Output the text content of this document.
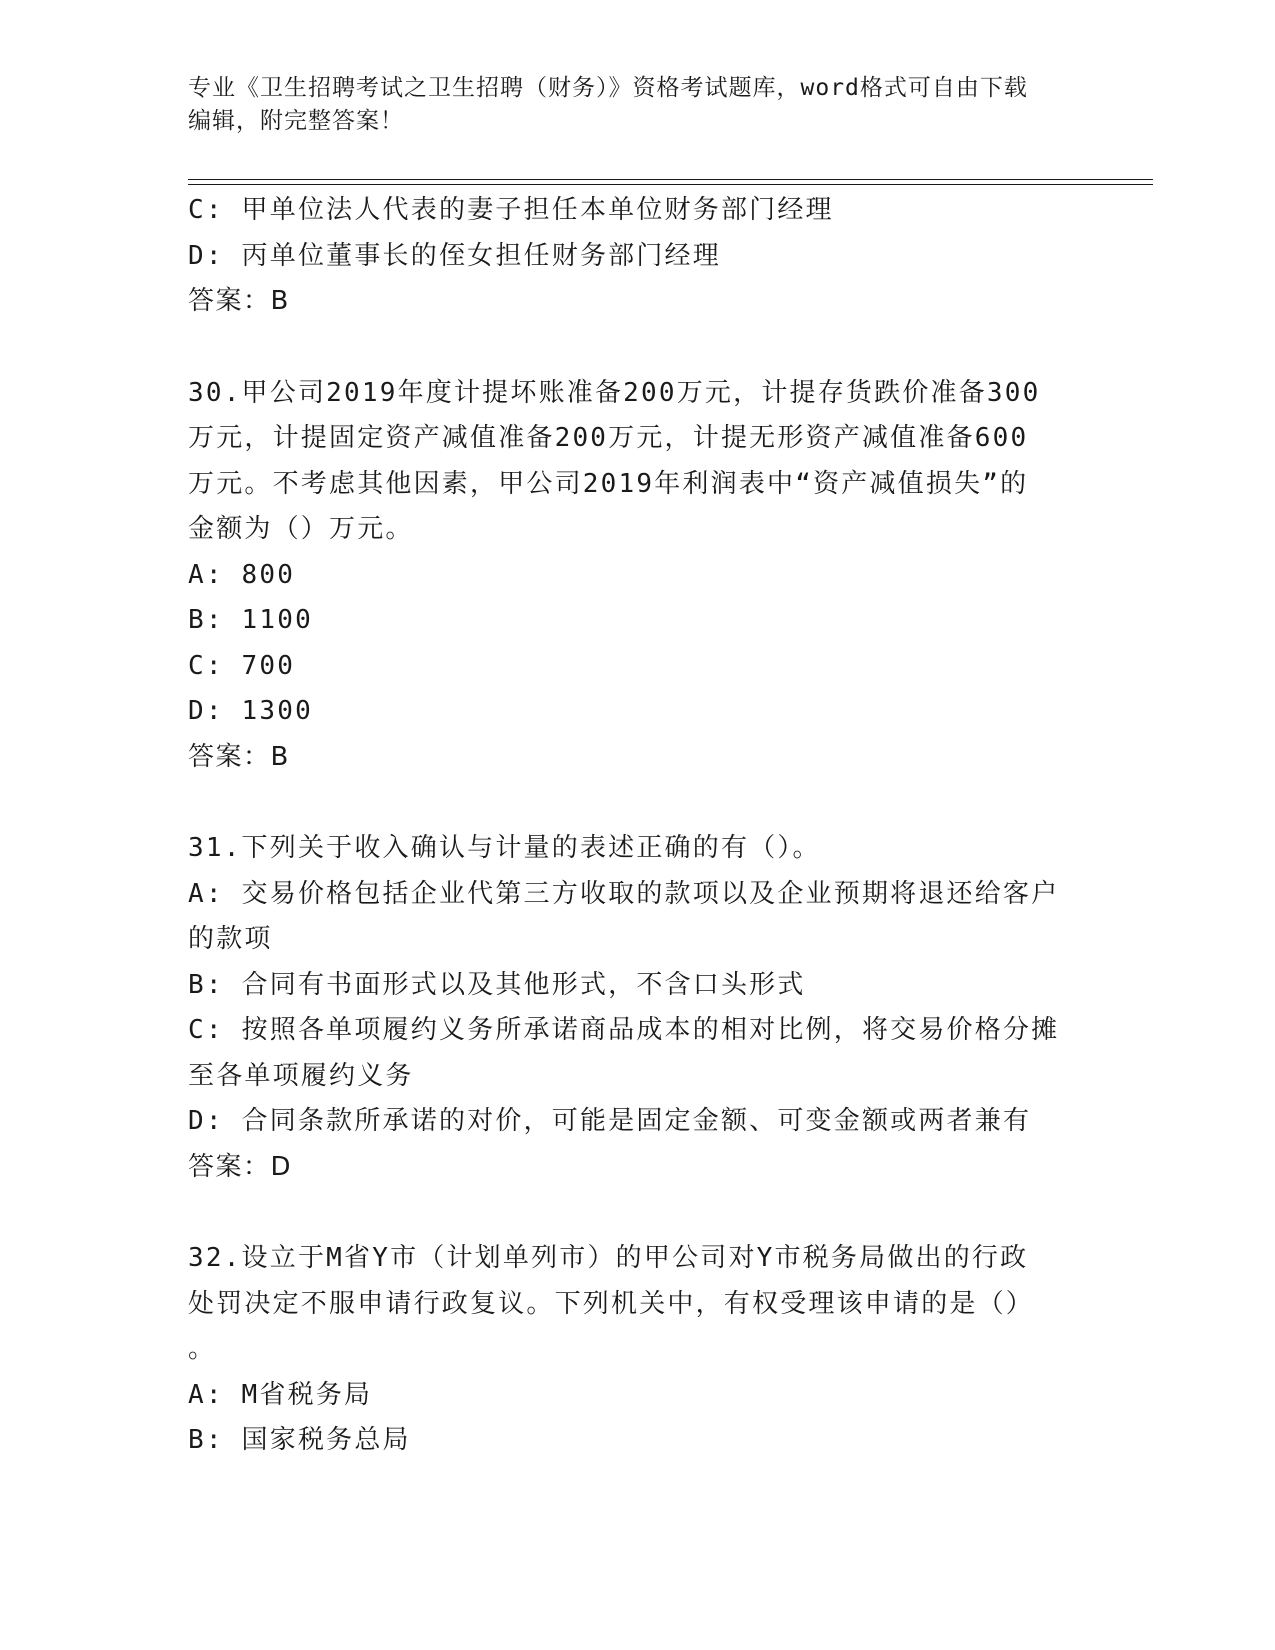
专业《卫生招聘考试之卫生招聘（财务）》资格考试题库，word格式可自由下载
编辑，附完整答案！
C: 甲单位法人代表的妻子担任本单位财务部门经理
D: 丙单位董事长的侄女担任财务部门经理
答案：B
30.甲公司2019年度计提坏账准备200万元，计提存货跌价准备300
万元，计提固定资产减值准备200万元，计提无形资产减值准备600
万元。不考虑其他因素，甲公司2019年利润表中“资产减值损失”的
金额为（）万元。
A: 800
B: 1100
C: 700
D: 1300
答案：B
31.下列关于收入确认与计量的表述正确的有（）。
A: 交易价格包括企业代第三方收取的款项以及企业预期将退还给客户
的款项
B: 合同有书面形式以及其他形式，不含口头形式
C: 按照各单项履约义务所承诺商品成本的相对比例，将交易价格分摊
至各单项履约义务
D: 合同条款所承诺的对价，可能是固定金额、可变金额或两者兼有
答案：D
32.设立于M省Y市（计划单列市）的甲公司对Y市税务局做出的行政
处罚决定不服申请行政复议。下列机关中，有权受理该申请的是（）
。
A: M省税务局
B: 国家税务总局
